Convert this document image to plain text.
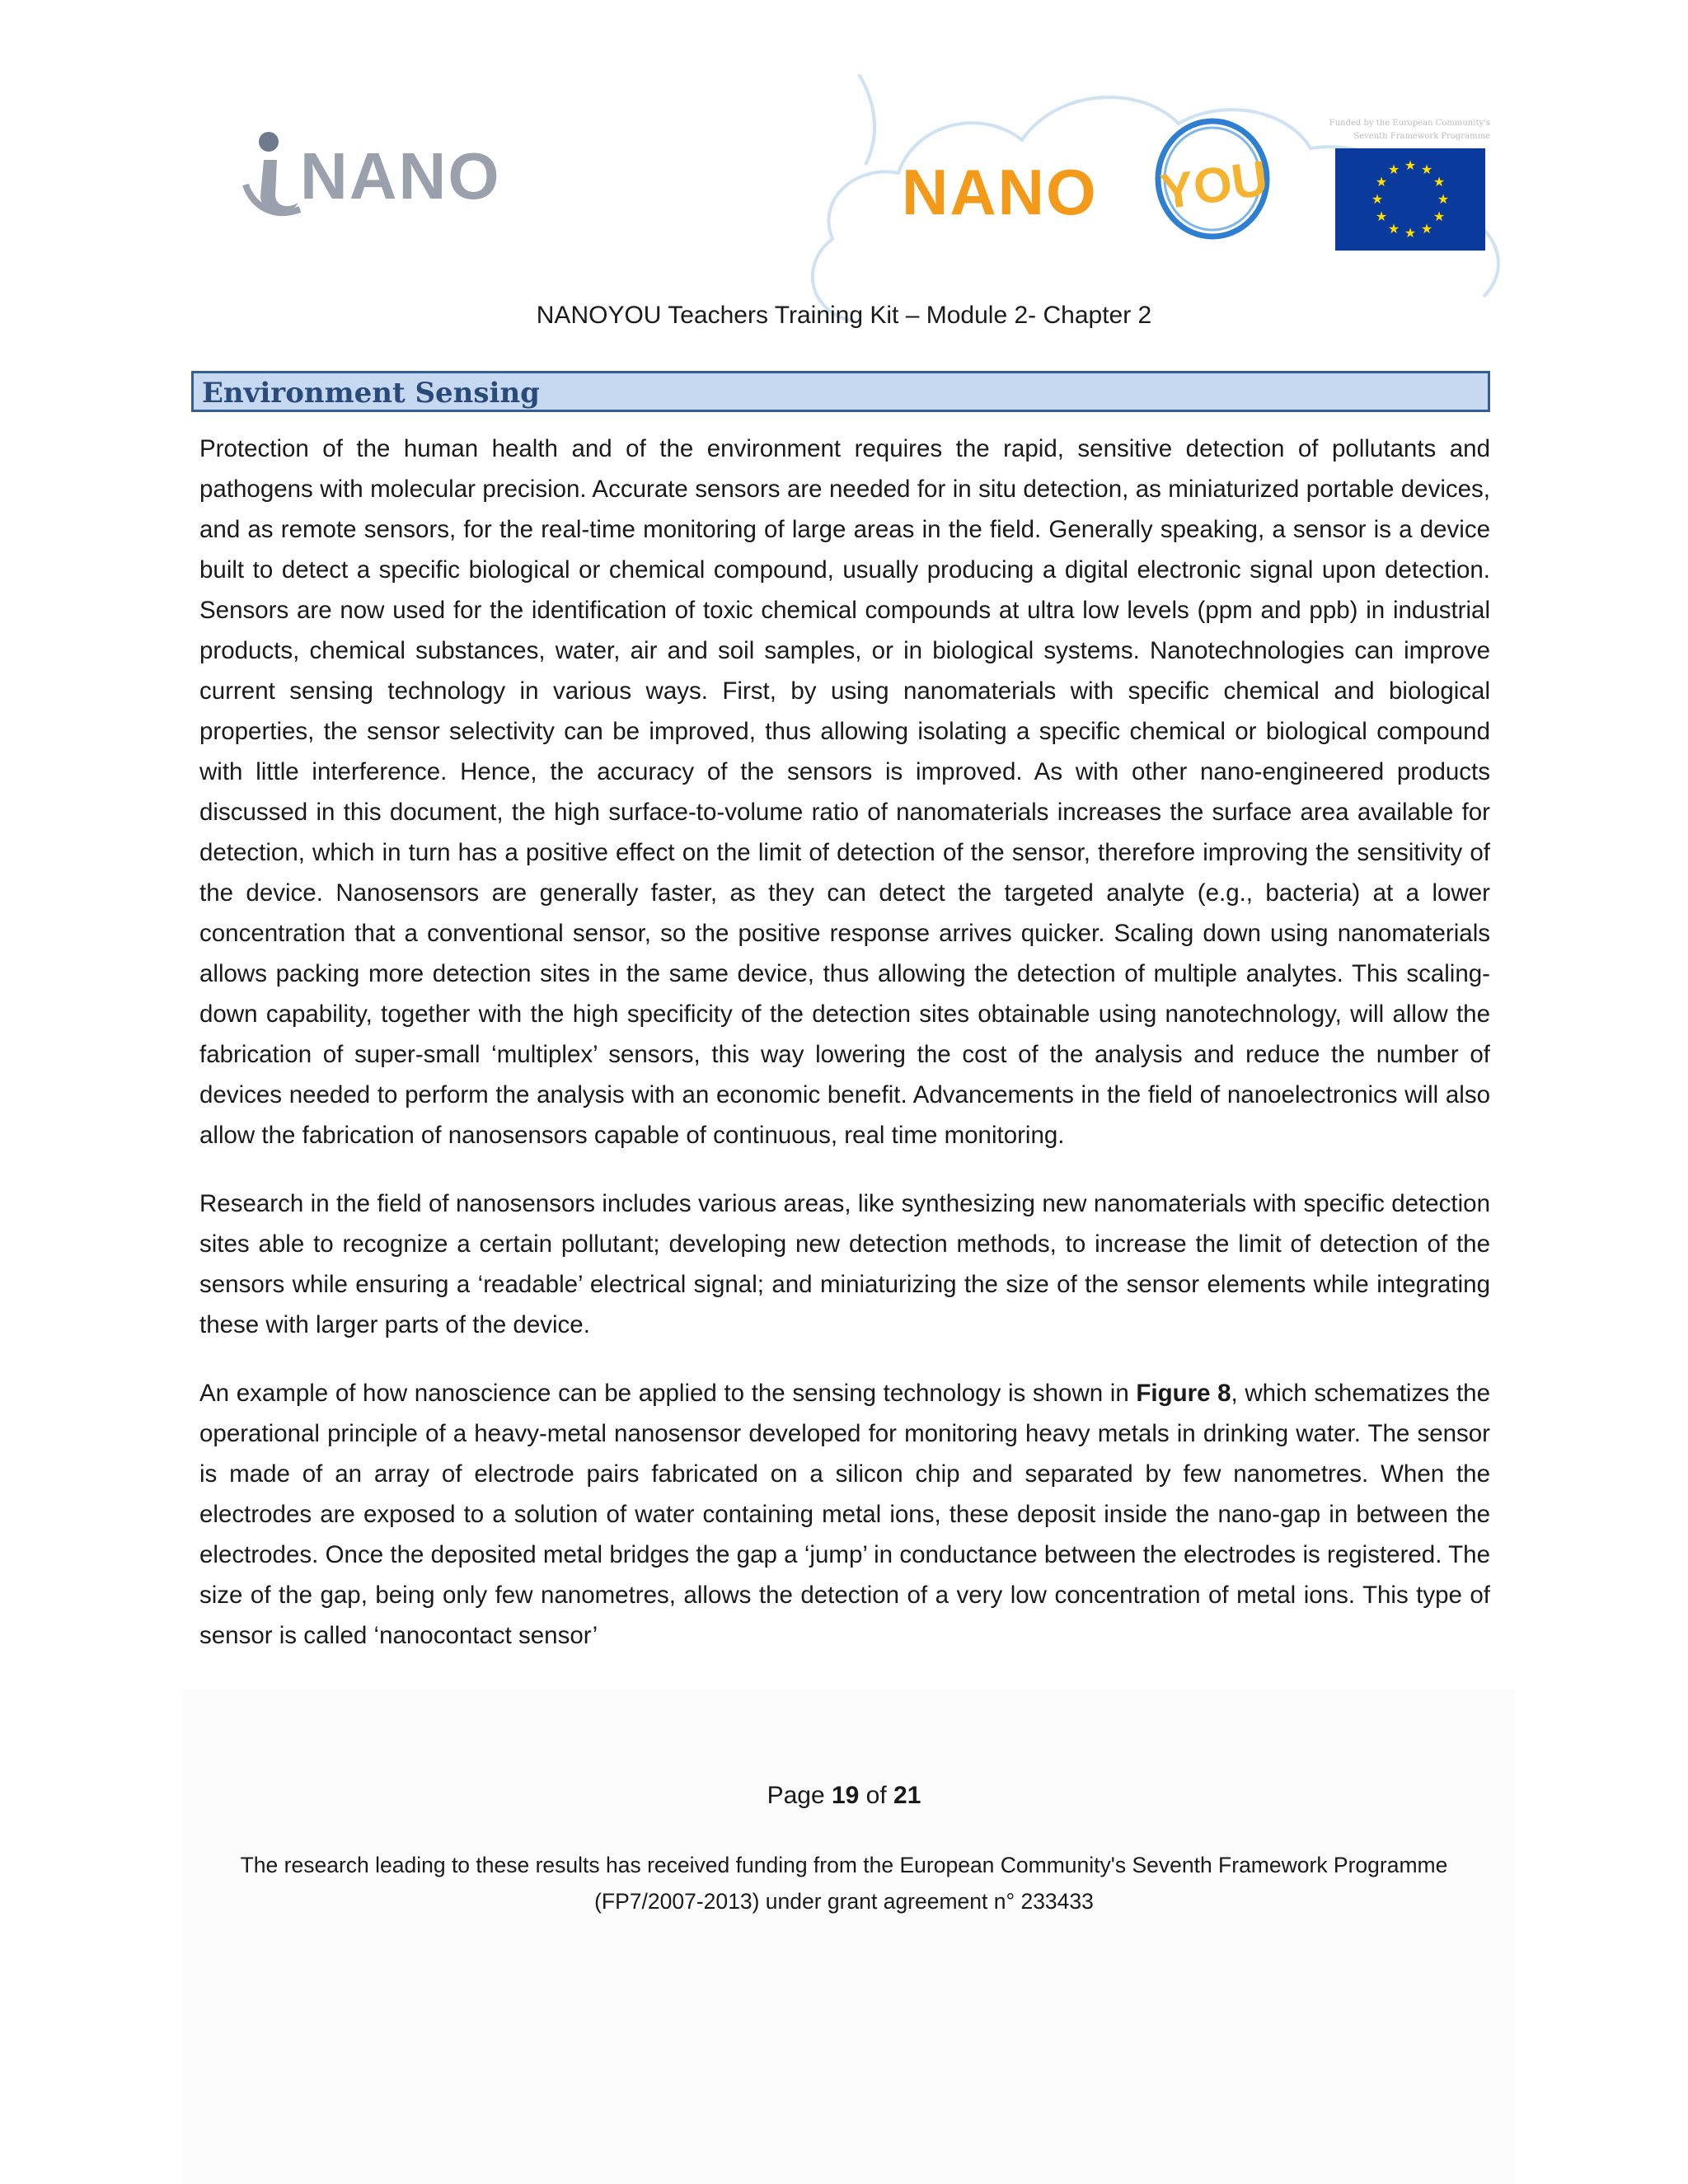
NANO	NANO YOU
Funded by the European Community's
Seventh Framework Programme
★ ★
★
★
★
★
★
★
★
★
★
★
NANOYOU Teachers Training Kit – Module 2- Chapter 2
Environment Sensing

Protection of the human health and of the environment requires the rapid, sensitive detection of pollutants and pathogens with molecular precision. Accurate sensors are needed for in situ detection, as miniaturized portable devices, and as remote sensors, for the real-time monitoring of large areas in the field. Generally speaking, a sensor is a device built to detect a specific biological or chemical compound, usually producing a digital electronic signal upon detection. Sensors are now used for the identification of toxic chemical compounds at ultra low levels (ppm and ppb) in industrial products, chemical substances, water, air and soil samples, or in biological systems. Nanotechnologies can improve current sensing technology in various ways. First, by using nanomaterials with specific chemical and biological properties, the sensor selectivity can be improved, thus allowing isolating a specific chemical or biological compound with little interference. Hence, the accuracy of the sensors is improved. As with other nano-engineered products discussed in this document, the high surface-to-volume ratio of nanomaterials increases the surface area available for detection, which in turn has a positive effect on the limit of detection of the sensor, therefore improving the sensitivity of the device. Nanosensors are generally faster, as they can detect the targeted analyte (e.g., bacteria) at a lower concentration that a conventional sensor, so the positive response arrives quicker. Scaling down using nanomaterials allows packing more detection sites in the same device, thus allowing the detection of multiple analytes. This scaling-down capability, together with the high specificity of the detection sites obtainable using nanotechnology, will allow the fabrication of super-small ‘multiplex’ sensors, this way lowering the cost of the analysis and reduce the number of devices needed to perform the analysis with an economic benefit. Advancements in the field of nanoelectronics will also allow the fabrication of nanosensors capable of continuous, real time monitoring.

Research in the field of nanosensors includes various areas, like synthesizing new nanomaterials with specific detection sites able to recognize a certain pollutant; developing new detection methods, to increase the limit of detection of the sensors while ensuring a ‘readable’ electrical signal; and miniaturizing the size of the sensor elements while integrating these with larger parts of the device.

An example of how nanoscience can be applied to the sensing technology is shown in Figure 8, which schematizes the operational principle of a heavy-metal nanosensor developed for monitoring heavy metals in drinking water. The sensor is made of an array of electrode pairs fabricated on a silicon chip and separated by few nanometres. When the electrodes are exposed to a solution of water containing metal ions, these deposit inside the nano-gap in between the electrodes. Once the deposited metal bridges the gap a ‘jump’ in conductance between the electrodes is registered. The size of the gap, being only few nanometres, allows the detection of a very low concentration of metal ions. This type of sensor is called ‘nanocontact sensor’

Page 19 of 21
The research leading to these results has received funding from the European Community's Seventh Framework Programme
(FP7/2007-2013) under grant agreement n° 233433
